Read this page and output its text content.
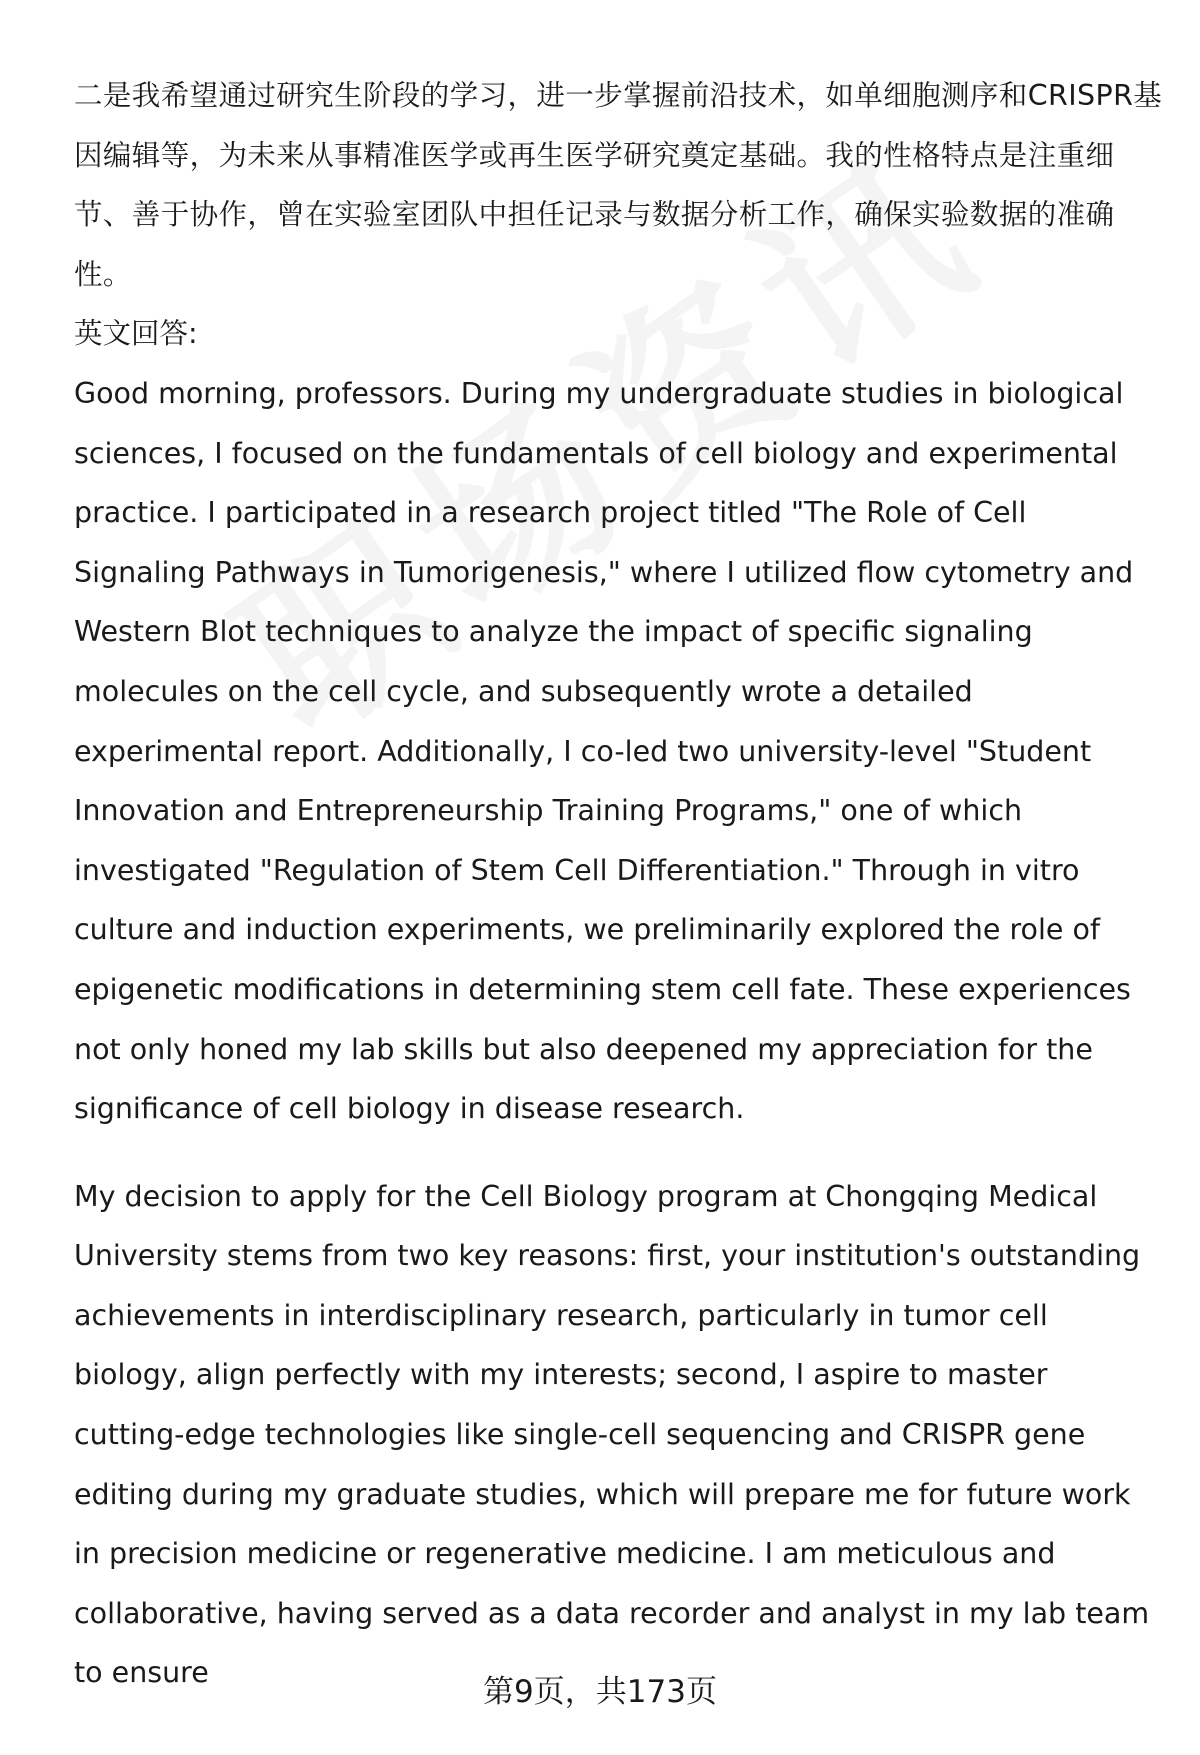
二是我希望通过研究生阶段的学习，进一步掌握前沿技术，如单细胞测序和CRISPR基因编辑等，为未来从事精准医学或再生医学研究奠定基础。我的性格特点是注重细节、善于协作，曾在实验室团队中担任记录与数据分析工作，确保实验数据的准确性。

英文回答:

Good morning, professors. During my undergraduate studies in biological sciences, I focused on the fundamentals of cell biology and experimental practice. I participated in a research project titled "The Role of Cell Signaling Pathways in Tumorigenesis," where I utilized flow cytometry and Western Blot techniques to analyze the impact of specific signaling molecules on the cell cycle, and subsequently wrote a detailed experimental report. Additionally, I co-led two university-level "Student Innovation and Entrepreneurship Training Programs," one of which investigated "Regulation of Stem Cell Differentiation." Through in vitro culture and induction experiments, we preliminarily explored the role of epigenetic modifications in determining stem cell fate. These experiences not only honed my lab skills but also deepened my appreciation for the significance of cell biology in disease research.

My decision to apply for the Cell Biology program at Chongqing Medical University stems from two key reasons: first, your institution's outstanding achievements in interdisciplinary research, particularly in tumor cell biology, align perfectly with my interests; second, I aspire to master cutting-edge technologies like single-cell sequencing and CRISPR gene editing during my graduate studies, which will prepare me for future work in precision medicine or regenerative medicine. I am meticulous and collaborative, having served as a data recorder and analyst in my lab team to ensure

第9页，共173页
